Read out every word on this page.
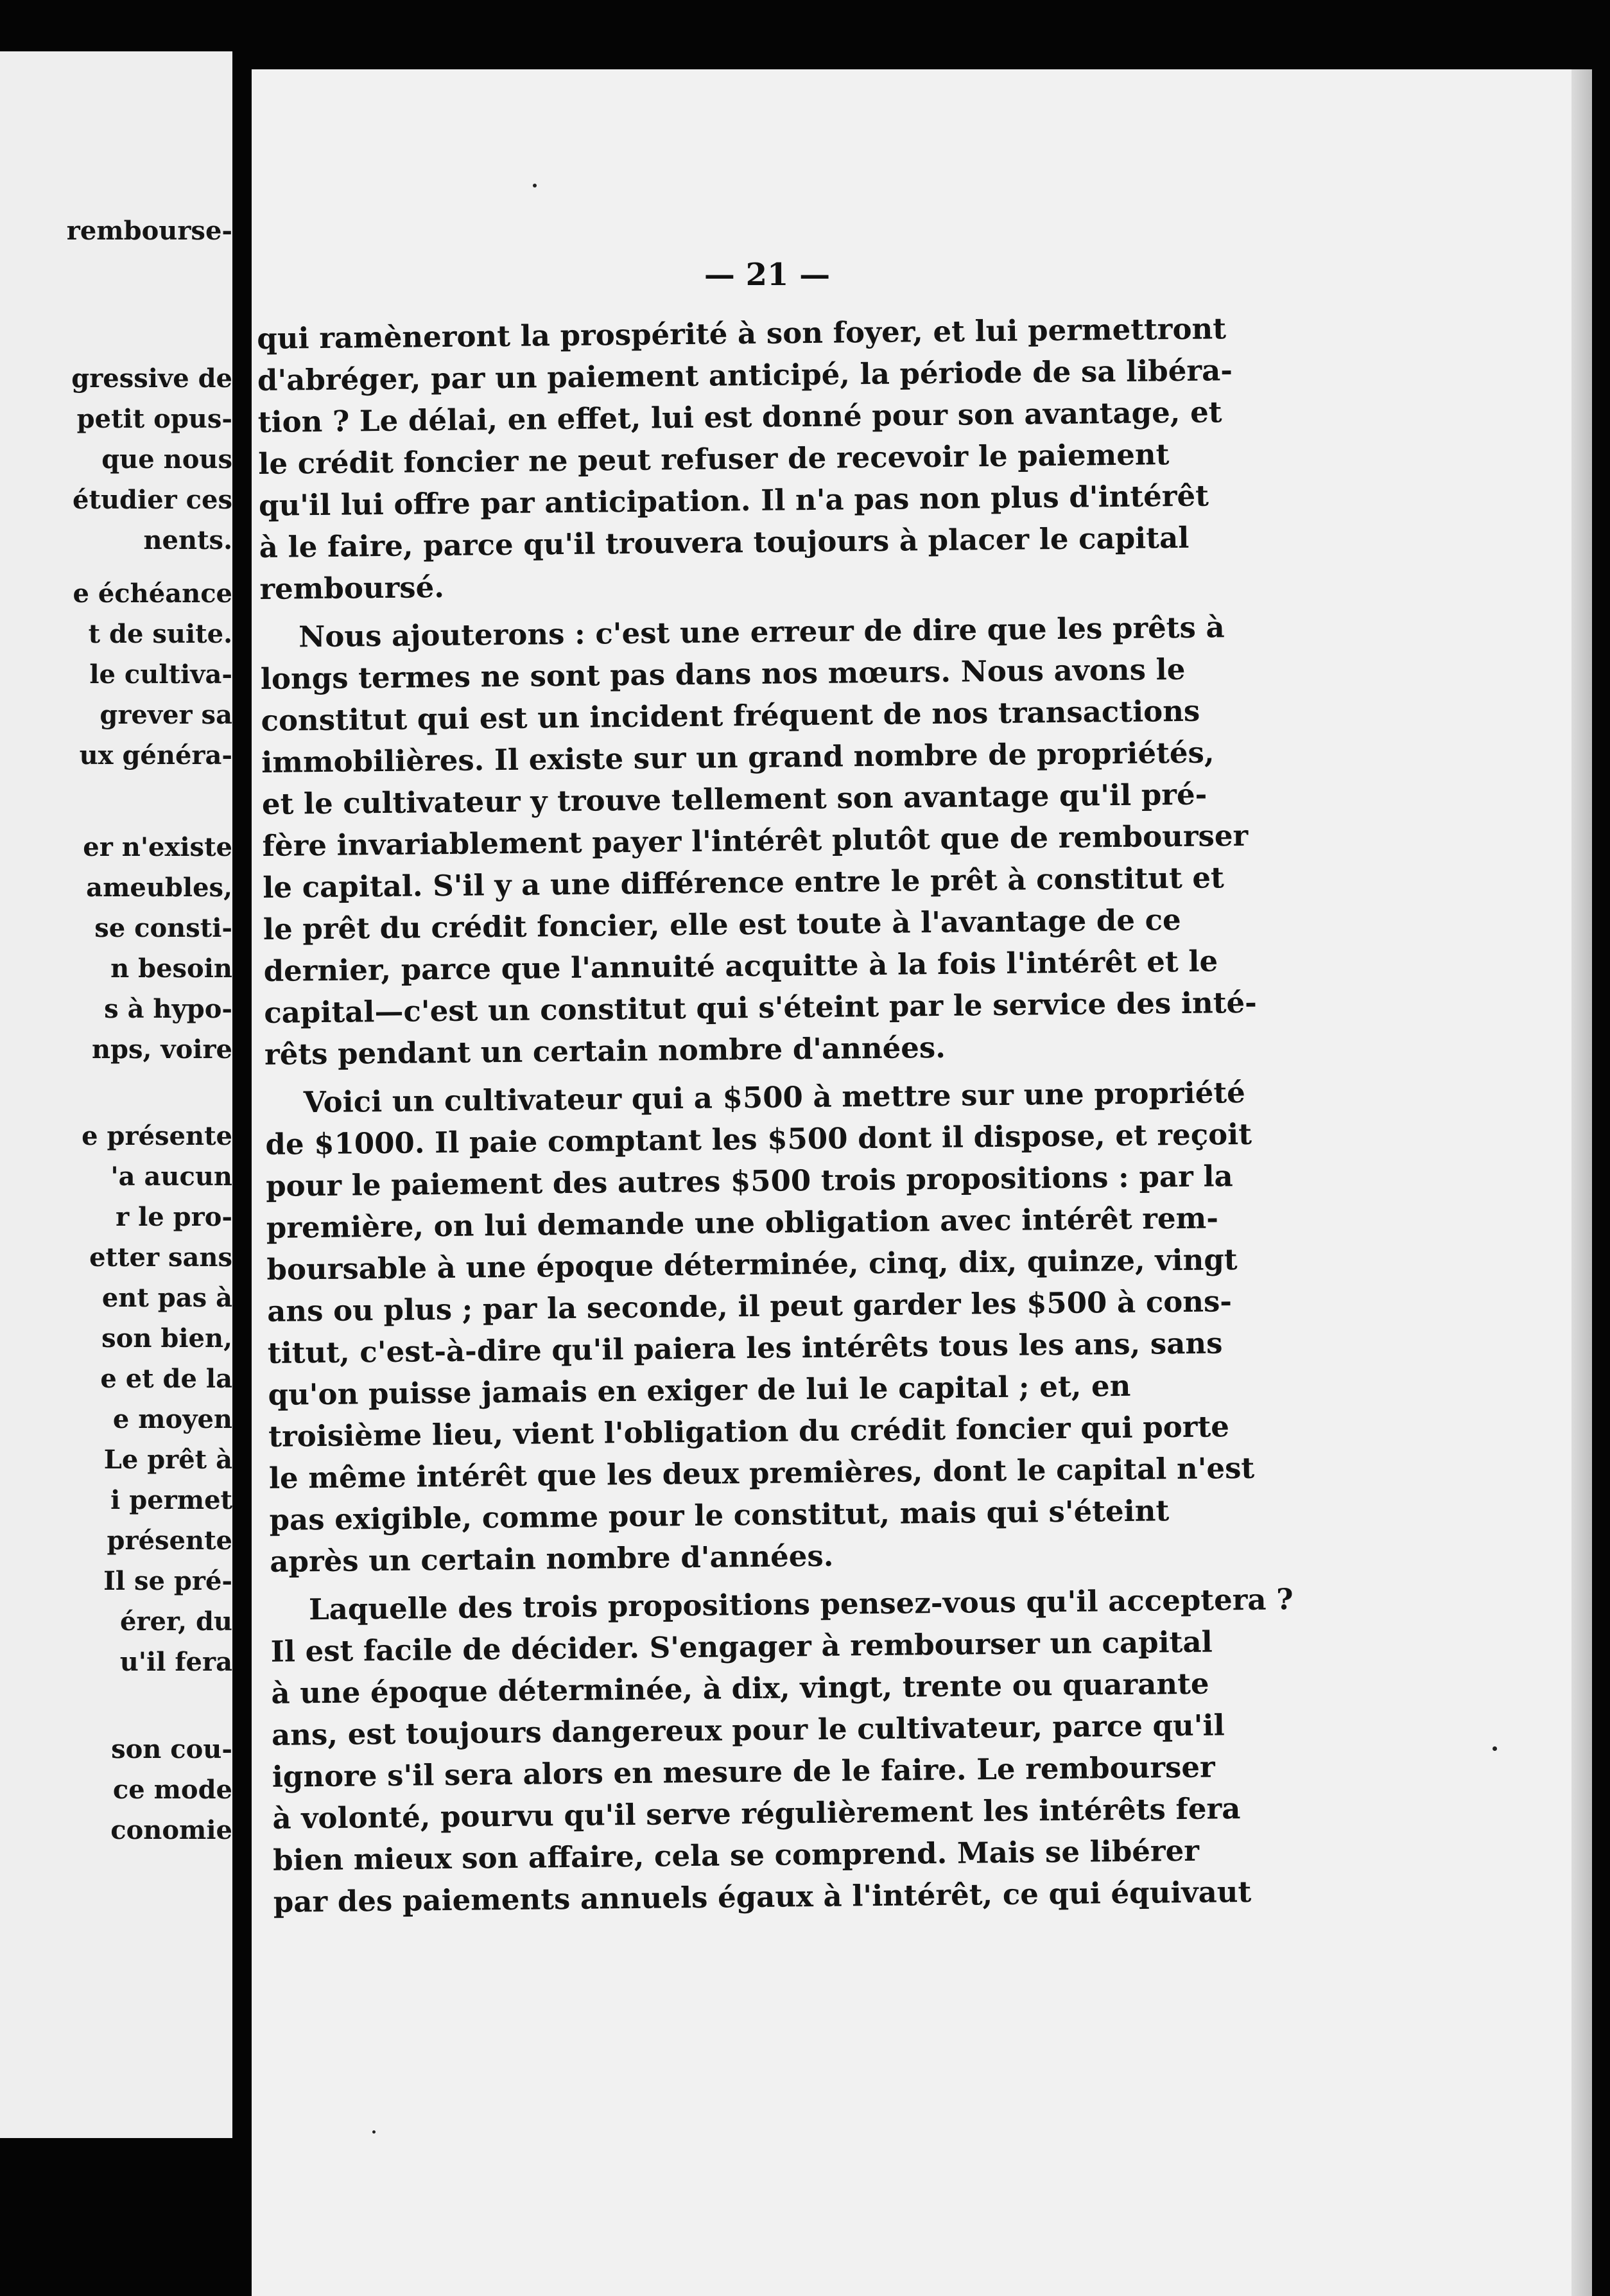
rembourse-
gressive de
petit opus-
que nous
étudier ces
nents.
e échéance
t de suite.
le cultiva-
grever sa
ux généra-
er n'existe
ameubles,
se consti-
n besoin
s à hypo-
nps, voire
e présente
'a aucun
r le pro-
etter sans
ent pas à
son bien,
e et de la
e moyen
Le prêt à
i permet
présente
Il se pré-
érer, du
u'il fera
son cou-
ce mode
conomie
— 21 —
qui ramèneront la prospérité à son foyer, et lui permettront
d'abréger, par un paiement anticipé, la période de sa libéra-
tion ? Le délai, en effet, lui est donné pour son avantage, et
le crédit foncier ne peut refuser de recevoir le paiement
qu'il lui offre par anticipation. Il n'a pas non plus d'intérêt
à le faire, parce qu'il trouvera toujours à placer le capital
remboursé.
Nous ajouterons : c'est une erreur de dire que les prêts à
longs termes ne sont pas dans nos mœurs. Nous avons le
constitut qui est un incident fréquent de nos transactions
immobilières. Il existe sur un grand nombre de propriétés,
et le cultivateur y trouve tellement son avantage qu'il pré-
fère invariablement payer l'intérêt plutôt que de rembourser
le capital. S'il y a une différence entre le prêt à constitut et
le prêt du crédit foncier, elle est toute à l'avantage de ce
dernier, parce que l'annuité acquitte à la fois l'intérêt et le
capital—c'est un constitut qui s'éteint par le service des inté-
rêts pendant un certain nombre d'années.
Voici un cultivateur qui a $500 à mettre sur une propriété
de $1000. Il paie comptant les $500 dont il dispose, et reçoit
pour le paiement des autres $500 trois propositions : par la
première, on lui demande une obligation avec intérêt rem-
boursable à une époque déterminée, cinq, dix, quinze, vingt
ans ou plus ; par la seconde, il peut garder les $500 à cons-
titut, c'est-à-dire qu'il paiera les intérêts tous les ans, sans
qu'on puisse jamais en exiger de lui le capital ; et, en
troisième lieu, vient l'obligation du crédit foncier qui porte
le même intérêt que les deux premières, dont le capital n'est
pas exigible, comme pour le constitut, mais qui s'éteint
après un certain nombre d'années.
Laquelle des trois propositions pensez-vous qu'il acceptera ?
Il est facile de décider. S'engager à rembourser un capital
à une époque déterminée, à dix, vingt, trente ou quarante
ans, est toujours dangereux pour le cultivateur, parce qu'il
ignore s'il sera alors en mesure de le faire. Le rembourser
à volonté, pourvu qu'il serve régulièrement les intérêts fera
bien mieux son affaire, cela se comprend. Mais se libérer
par des paiements annuels égaux à l'intérêt, ce qui équivaut
